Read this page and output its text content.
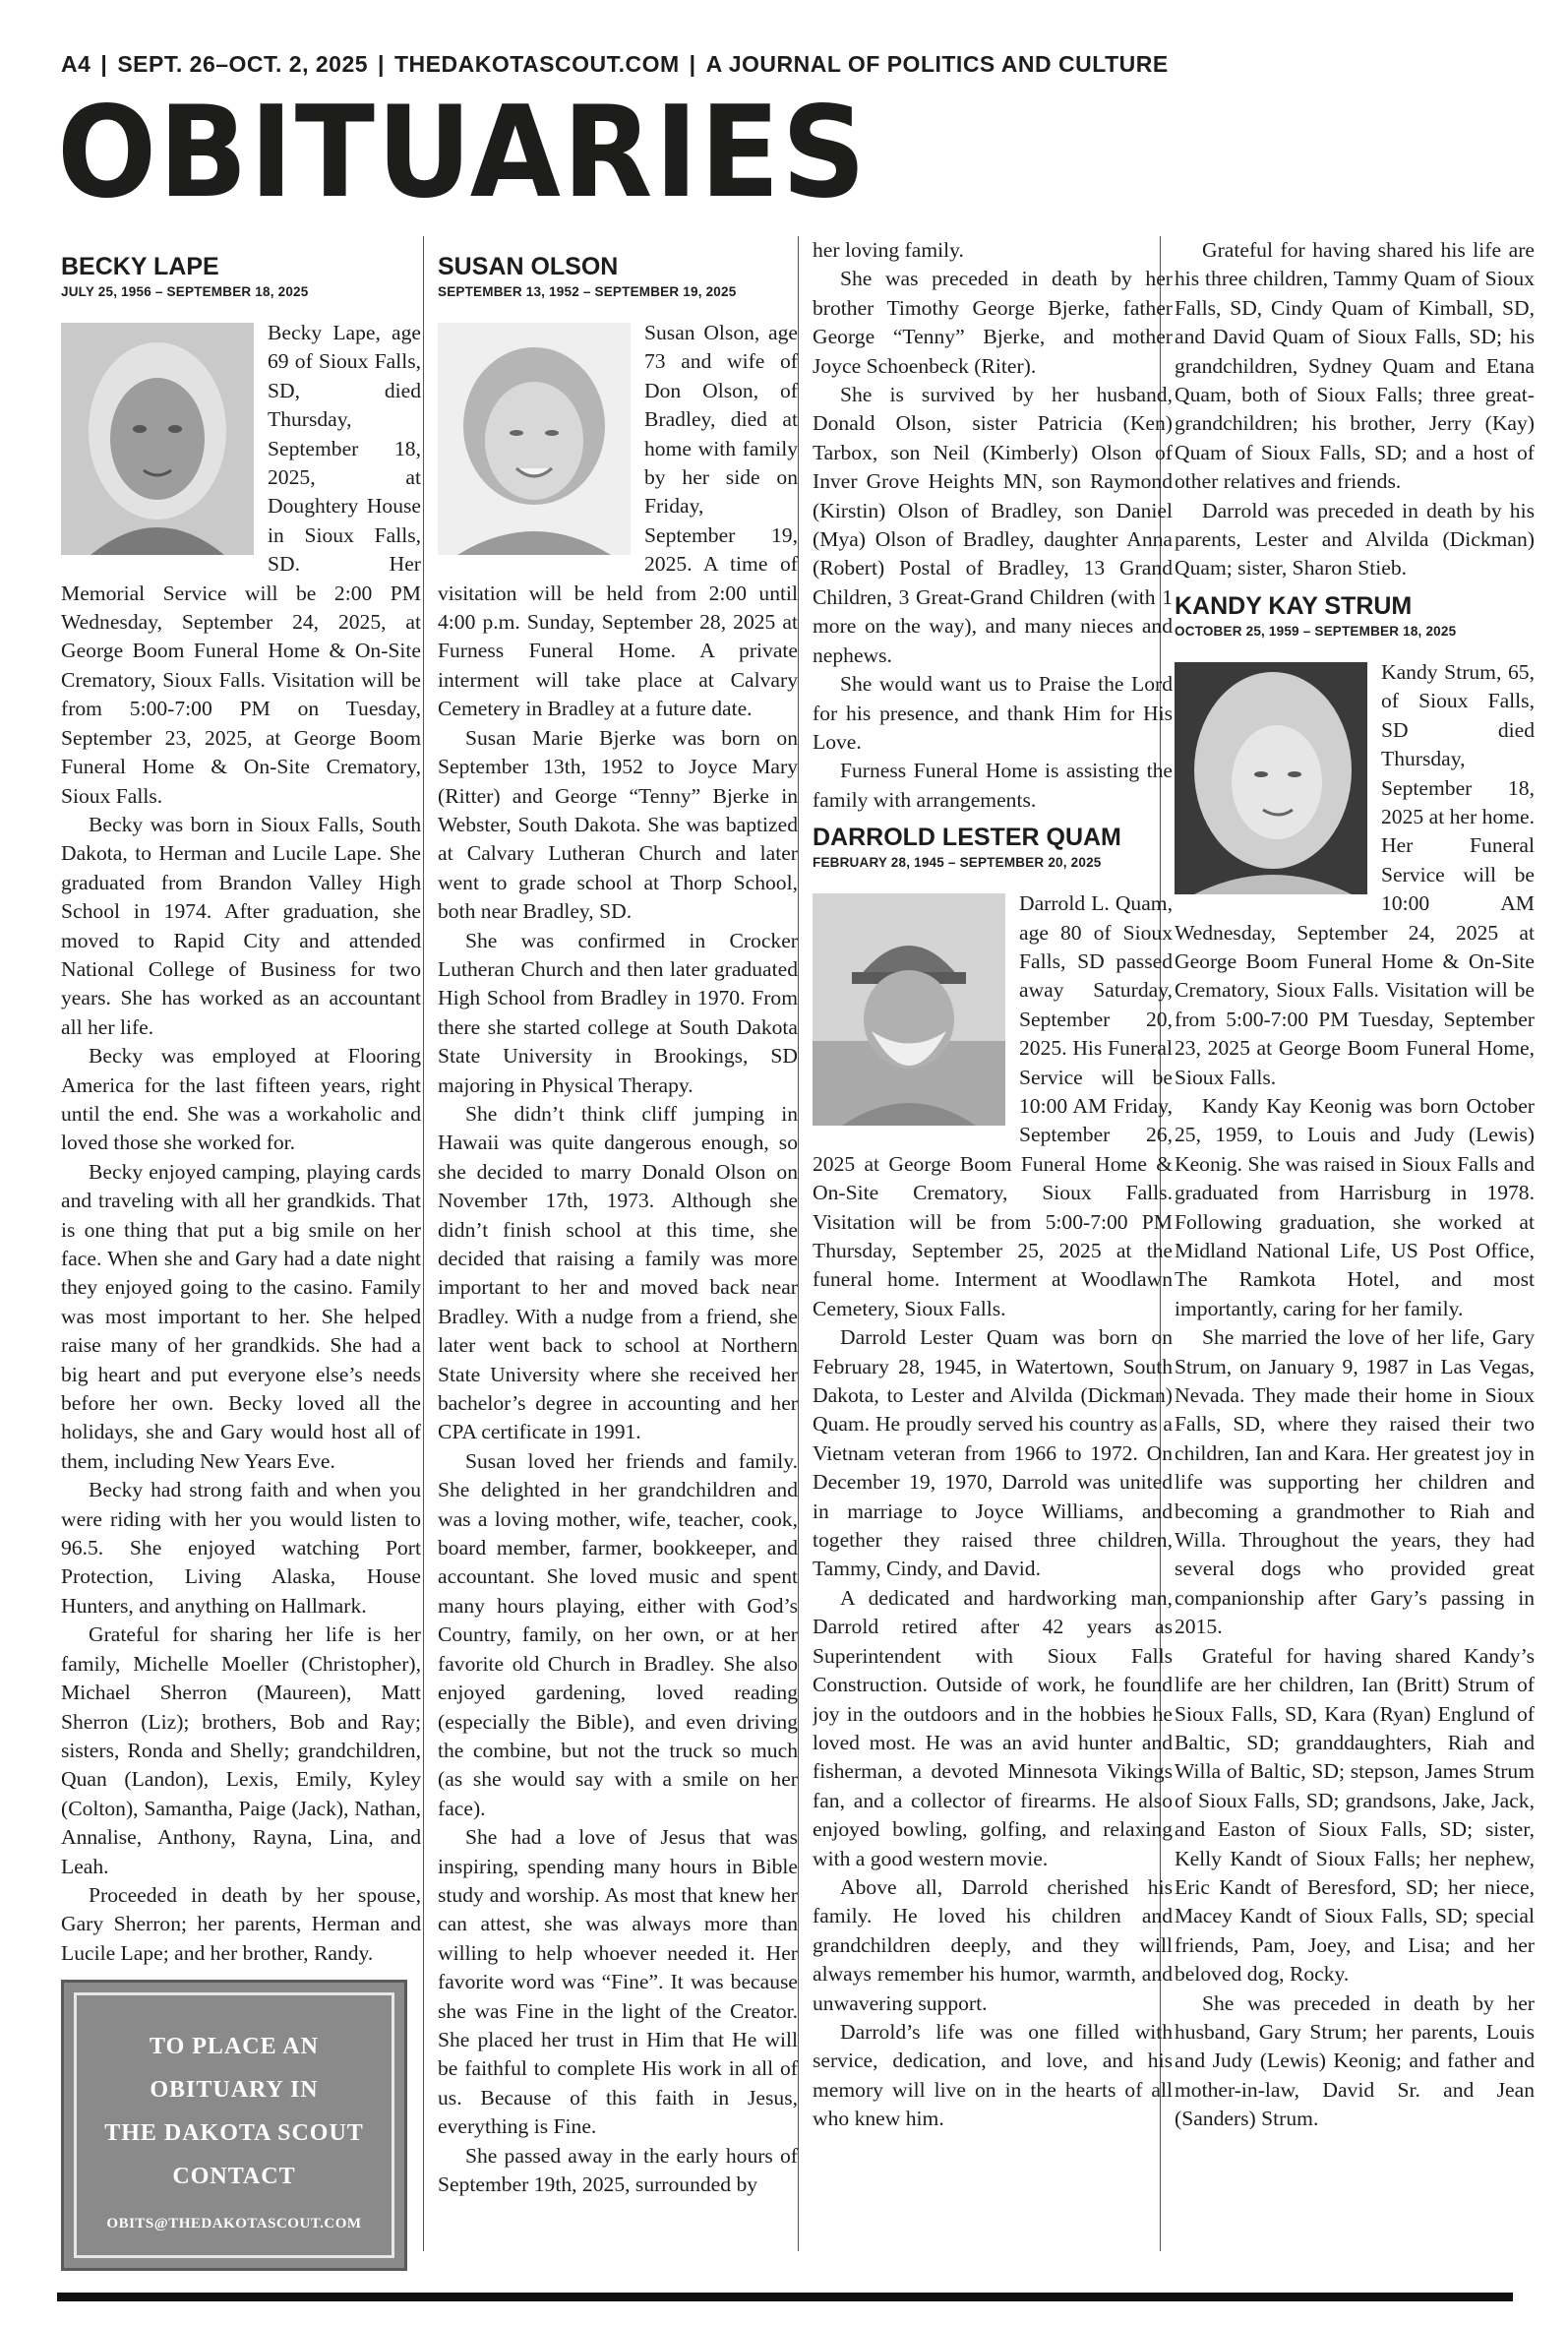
A4 | SEPT. 26–OCT. 2, 2025 | THEDAKOTASCOUT.COM | A JOURNAL OF POLITICS AND CULTURE
OBITUARIES
BECKY LAPE
JULY 25, 1956 – SEPTEMBER 18, 2025

Becky Lape, age 69 of Sioux Falls, SD, died Thursday, September 18, 2025, at Doughtery House in Sioux Falls, SD. Her Memorial Service will be 2:00 PM Wednesday, September 24, 2025, at George Boom Funeral Home & On-Site Crematory, Sioux Falls. Visitation will be from 5:00-7:00 PM on Tuesday, September 23, 2025, at George Boom Funeral Home & On-Site Crematory, Sioux Falls.

Becky was born in Sioux Falls, South Dakota, to Herman and Lucile Lape. She graduated from Brandon Valley High School in 1974. After graduation, she moved to Rapid City and attended National College of Business for two years. She has worked as an accountant all her life.

Becky was employed at Flooring America for the last fifteen years, right until the end. She was a workaholic and loved those she worked for.

Becky enjoyed camping, playing cards and traveling with all her grandkids. That is one thing that put a big smile on her face. When she and Gary had a date night they enjoyed going to the casino. Family was most important to her. She helped raise many of her grandkids. She had a big heart and put everyone else’s needs before her own. Becky loved all the holidays, she and Gary would host all of them, including New Years Eve.

Becky had strong faith and when you were riding with her you would listen to 96.5. She enjoyed watching Port Protection, Living Alaska, House Hunters, and anything on Hallmark.

Grateful for sharing her life is her family, Michelle Moeller (Christopher), Michael Sherron (Maureen), Matt Sherron (Liz); brothers, Bob and Ray; sisters, Ronda and Shelly; grandchildren, Quan (Landon), Lexis, Emily, Kyley (Colton), Samantha, Paige (Jack), Nathan, Annalise, Anthony, Rayna, Lina, and Leah.

Proceeded in death by her spouse, Gary Sherron; her parents, Herman and Lucile Lape; and her brother, Randy.

SUSAN OLSON
SEPTEMBER 13, 1952 – SEPTEMBER 19, 2025

Susan Olson, age 73 and wife of Don Olson, of Bradley, died at home with family by her side on Friday, September 19, 2025. A time of visitation will be held from 2:00 until 4:00 p.m. Sunday, September 28, 2025 at Furness Funeral Home. A private interment will take place at Calvary Cemetery in Bradley at a future date.

Susan Marie Bjerke was born on September 13th, 1952 to Joyce Mary (Ritter) and George “Tenny” Bjerke in Webster, South Dakota. She was baptized at Calvary Lutheran Church and later went to grade school at Thorp School, both near Bradley, SD.

She was confirmed in Crocker Lutheran Church and then later graduated High School from Bradley in 1970. From there she started college at South Dakota State University in Brookings, SD majoring in Physical Therapy.

She didn’t think cliff jumping in Hawaii was quite dangerous enough, so she decided to marry Donald Olson on November 17th, 1973. Although she didn’t finish school at this time, she decided that raising a family was more important to her and moved back near Bradley. With a nudge from a friend, she later went back to school at Northern State University where she received her bachelor’s degree in accounting and her CPA certificate in 1991.

Susan loved her friends and family. She delighted in her grandchildren and was a loving mother, wife, teacher, cook, board member, farmer, bookkeeper, and accountant. She loved music and spent many hours playing, either with God’s Country, family, on her own, or at her favorite old Church in Bradley. She also enjoyed gardening, loved reading (especially the Bible), and even driving the combine, but not the truck so much (as she would say with a smile on her face).

She had a love of Jesus that was inspiring, spending many hours in Bible study and worship. As most that knew her can attest, she was always more than willing to help whoever needed it. Her favorite word was “Fine”. It was because she was Fine in the light of the Creator. She placed her trust in Him that He will be faithful to complete His work in all of us. Because of this faith in Jesus, everything is Fine.

She passed away in the early hours of September 19th, 2025, surrounded by

her loving family.

She was preceded in death by her brother Timothy George Bjerke, father George “Tenny” Bjerke, and mother Joyce Schoenbeck (Riter).

She is survived by her husband, Donald Olson, sister Patricia (Ken) Tarbox, son Neil (Kimberly) Olson of Inver Grove Heights MN, son Raymond (Kirstin) Olson of Bradley, son Daniel (Mya) Olson of Bradley, daughter Anna (Robert) Postal of Bradley, 13 Grand Children, 3 Great-Grand Children (with 1 more on the way), and many nieces and nephews.

She would want us to Praise the Lord for his presence, and thank Him for His Love.

Furness Funeral Home is assisting the family with arrangements.

DARROLD LESTER QUAM
FEBRUARY 28, 1945 – SEPTEMBER 20, 2025

Darrold L. Quam, age 80 of Sioux Falls, SD passed away Saturday, September 20, 2025. His Funeral Service will be 10:00 AM Friday, September 26, 2025 at George Boom Funeral Home & On-Site Crematory, Sioux Falls. Visitation will be from 5:00-7:00 PM Thursday, September 25, 2025 at the funeral home. Interment at Woodlawn Cemetery, Sioux Falls.

Darrold Lester Quam was born on February 28, 1945, in Watertown, South Dakota, to Lester and Alvilda (Dickman) Quam. He proudly served his country as a Vietnam veteran from 1966 to 1972. On December 19, 1970, Darrold was united in marriage to Joyce Williams, and together they raised three children, Tammy, Cindy, and David.

A dedicated and hardworking man, Darrold retired after 42 years as Superintendent with Sioux Falls Construction. Outside of work, he found joy in the outdoors and in the hobbies he loved most. He was an avid hunter and fisherman, a devoted Minnesota Vikings fan, and a collector of firearms. He also enjoyed bowling, golfing, and relaxing with a good western movie.

Above all, Darrold cherished his family. He loved his children and grandchildren deeply, and they will always remember his humor, warmth, and unwavering support.

Darrold’s life was one filled with service, dedication, and love, and his memory will live on in the hearts of all who knew him.

Grateful for having shared his life are his three children, Tammy Quam of Sioux Falls, SD, Cindy Quam of Kimball, SD, and David Quam of Sioux Falls, SD; his grandchildren, Sydney Quam and Etana Quam, both of Sioux Falls; three great-grandchildren; his brother, Jerry (Kay) Quam of Sioux Falls, SD; and a host of other relatives and friends.

Darrold was preceded in death by his parents, Lester and Alvilda (Dickman) Quam; sister, Sharon Stieb.

KANDY KAY STRUM
OCTOBER 25, 1959 – SEPTEMBER 18, 2025

Kandy Strum, 65, of Sioux Falls, SD died Thursday, September 18, 2025 at her home. Her Funeral Service will be 10:00 AM Wednesday, September 24, 2025 at George Boom Funeral Home & On-Site Crematory, Sioux Falls. Visitation will be from 5:00-7:00 PM Tuesday, September 23, 2025 at George Boom Funeral Home, Sioux Falls.

Kandy Kay Keonig was born October 25, 1959, to Louis and Judy (Lewis) Keonig. She was raised in Sioux Falls and graduated from Harrisburg in 1978. Following graduation, she worked at Midland National Life, US Post Office, The Ramkota Hotel, and most importantly, caring for her family.

She married the love of her life, Gary Strum, on January 9, 1987 in Las Vegas, Nevada. They made their home in Sioux Falls, SD, where they raised their two children, Ian and Kara. Her greatest joy in life was supporting her children and becoming a grandmother to Riah and Willa. Throughout the years, they had several dogs who provided great companionship after Gary’s passing in 2015.

Grateful for having shared Kandy’s life are her children, Ian (Britt) Strum of Sioux Falls, SD, Kara (Ryan) Englund of Baltic, SD; granddaughters, Riah and Willa of Baltic, SD; stepson, James Strum of Sioux Falls, SD; grandsons, Jake, Jack, and Easton of Sioux Falls, SD; sister, Kelly Kandt of Sioux Falls; her nephew, Eric Kandt of Beresford, SD; her niece, Macey Kandt of Sioux Falls, SD; special friends, Pam, Joey, and Lisa; and her beloved dog, Rocky.

She was preceded in death by her husband, Gary Strum; her parents, Louis and Judy (Lewis) Keonig; and father and mother-in-law, David Sr. and Jean (Sanders) Strum.

TO PLACE AN
OBITUARY IN
THE DAKOTA SCOUT
CONTACT
OBITS@THEDAKOTASCOUT.COM
